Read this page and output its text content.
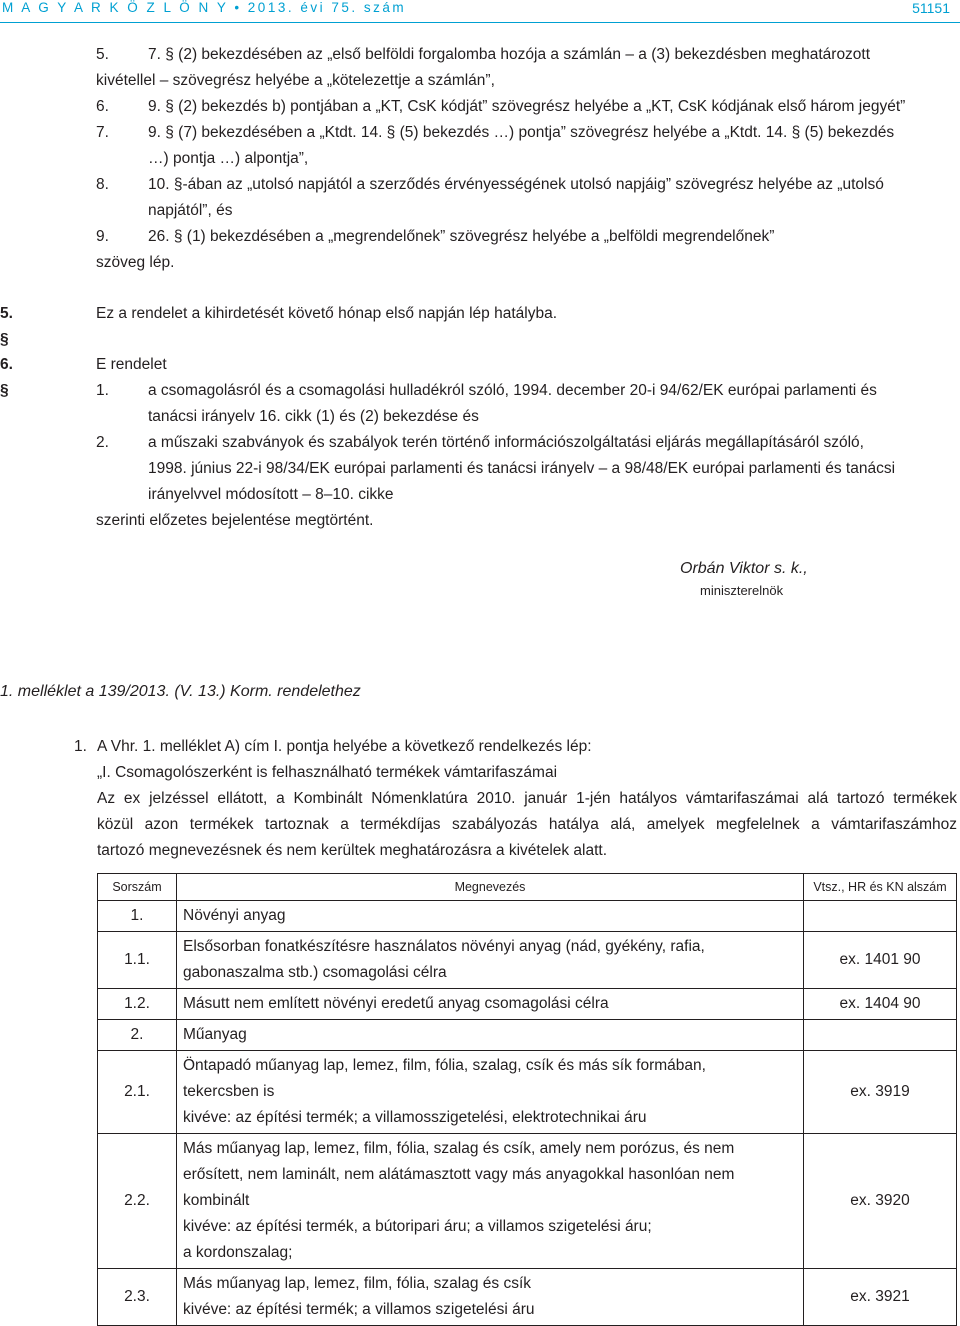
M A G Y A R K Ö Z L Ö N Y • 2013. évi 75. szám	51151
5.	7. § (2) bekezdésében az „első belföldi forgalomba hozója a számlán – a (3) bekezdésben meghatározott
kivétellel – szövegrész helyébe a „kötelezettje a számlán”,
6.	9. § (2) bekezdés b) pontjában a „KT, CsK kódját” szövegrész helyébe a „KT, CsK kódjának első három jegyét”
7.	9. § (7) bekezdésében a „Ktdt. 14. § (5) bekezdés …) pontja” szövegrész helyébe a „Ktdt. 14. § (5) bekezdés
…) pontja …) alpontja”,
8.	10. §-ában az „utolsó napjától a szerződés érvényességének utolsó napjáig” szövegrész helyébe az „utolsó
napjától”, és
9.	26. § (1) bekezdésében a „megrendelőnek” szövegrész helyébe a „belföldi megrendelőnek”
szöveg lép.
5. §
Ez a rendelet a kihirdetését követő hónap első napján lép hatályba.
6. §
E rendelet
1.	a csomagolásról és a csomagolási hulladékról szóló, 1994. december 20-i 94/62/EK európai parlamenti és
tanácsi irányelv 16. cikk (1) és (2) bekezdése és
2.	a műszaki szabványok és szabályok terén történő információszolgáltatási eljárás megállapításáról szóló,
1998. június 22-i 98/34/EK európai parlamenti és tanácsi irányelv – a 98/48/EK európai parlamenti és tanácsi
irányelvvel módosított – 8–10. cikke
szerinti előzetes bejelentése megtörtént.
Orbán Viktor s. k.,
miniszterelnök
1. melléklet a 139/2013. (V. 13.) Korm. rendelethez
1. A Vhr. 1. melléklet A) cím I. pontja helyébe a következő rendelkezés lép:
„I. Csomagolószerként is felhasználható termékek vámtarifaszámai
Az ex jelzéssel ellátott, a Kombinált Nómenklatúra 2010. január 1-jén hatályos vámtarifaszámai alá tartozó termékek
közül azon termékek tartoznak a termékdíjas szabályozás hatálya alá, amelyek megfelelnek a vámtarifaszámhoz
tartozó megnevezésnek és nem kerültek meghatározásra a kivételek alatt.
Sorszám	Megnevezés	Vtsz., HR és KN alszám
1.	Növényi anyag	

1.1.	Elsősorban fonatkészítésre használatos növényi anyag (nád, gyékény, rafia,
gabonaszalma stb.) csomagolási célra	ex. 1401 90
1.2.	Másutt nem említett növényi eredetű anyag csomagolási célra	ex. 1404 90
2.	Műanyag	

2.1.	Öntapadó műanyag lap, lemez, film, fólia, szalag, csík és más sík formában,
tekercsben is
kivéve: az építési termék; a villamosszigetelési, elektrotechnikai áru	ex. 3919
2.2.	Más műanyag lap, lemez, film, fólia, szalag és csík, amely nem porózus, és nem
erősített, nem laminált, nem alátámasztott vagy más anyagokkal hasonlóan nem
kombinált
kivéve: az építési termék, a bútoripari áru; a villamos szigetelési áru;
a kordonszalag;	ex. 3920
2.3.	Más műanyag lap, lemez, film, fólia, szalag és csík
kivéve: az építési termék; a villamos szigetelési áru	ex. 3921
